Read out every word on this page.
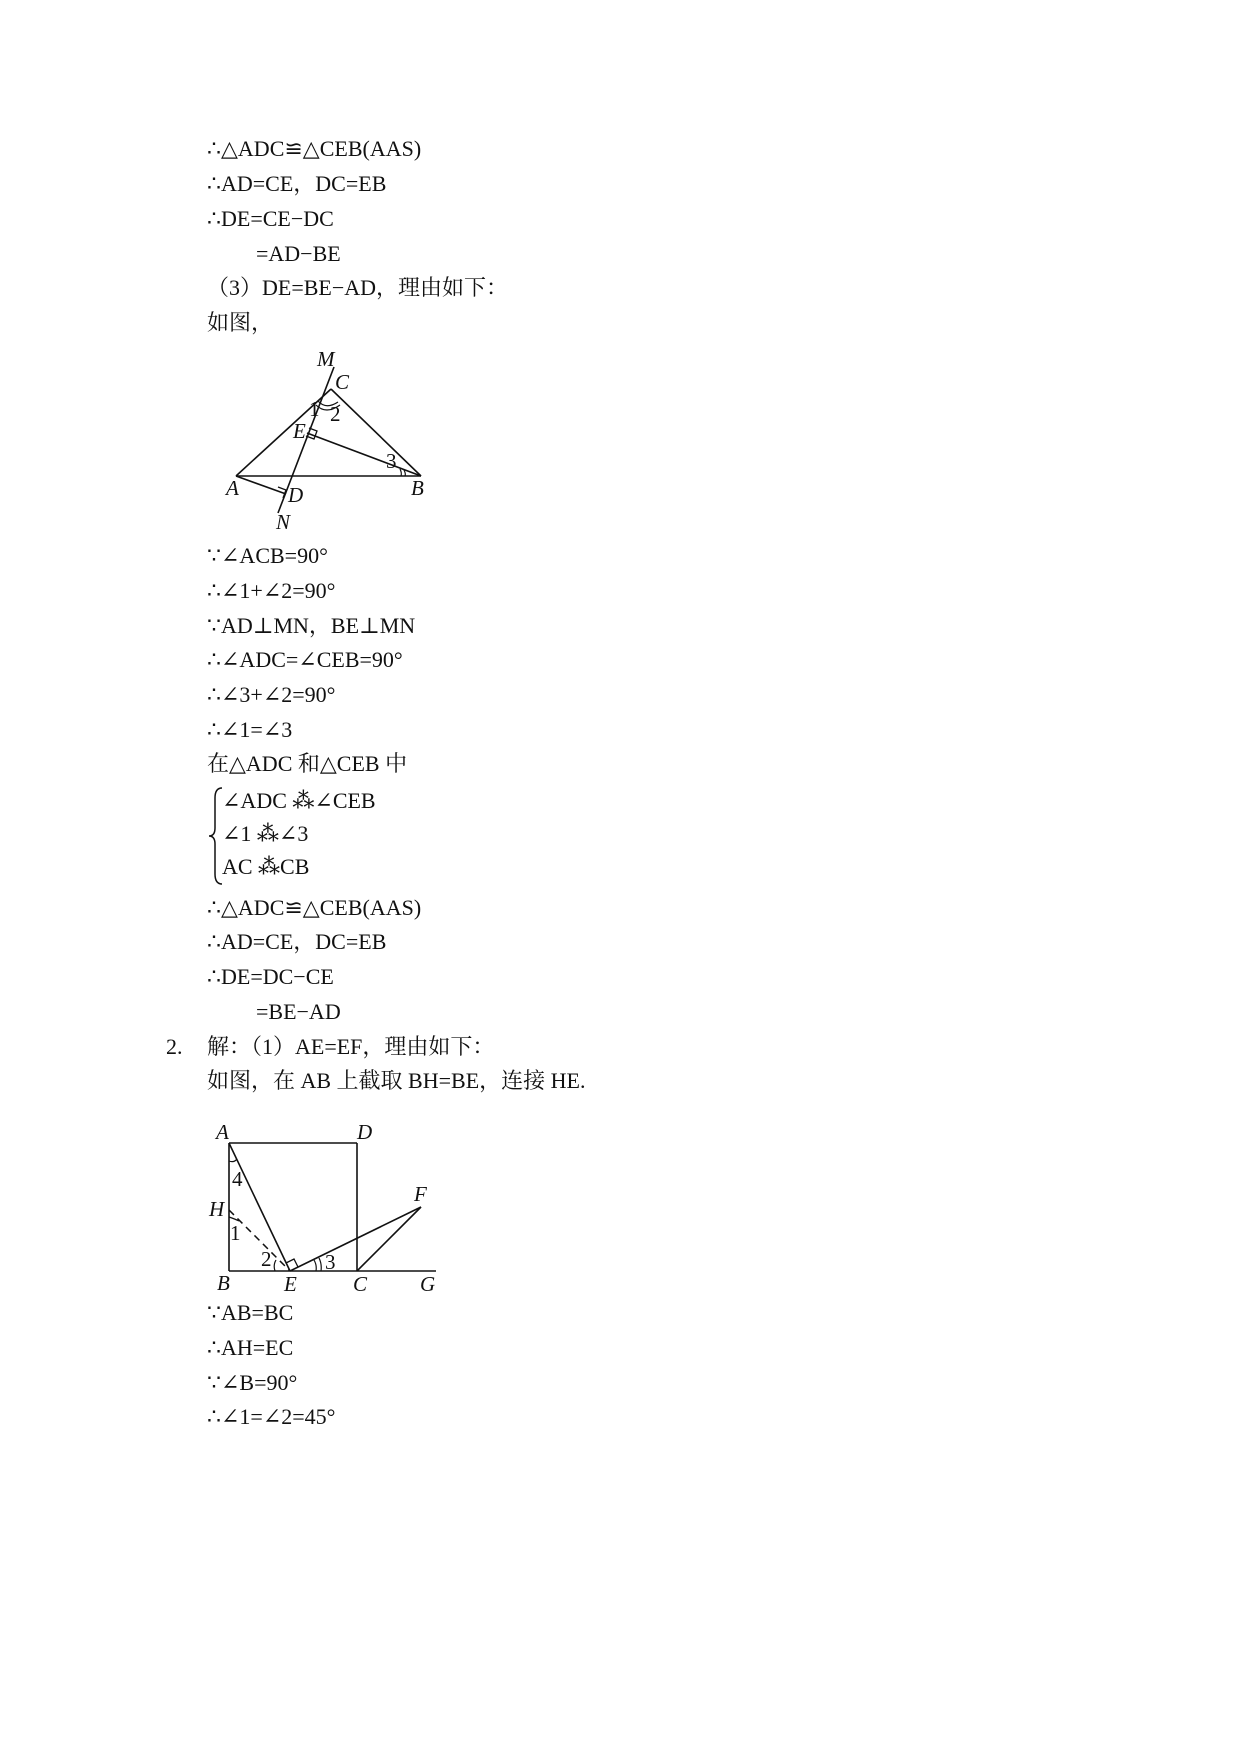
∴△ADC≌△CEB(AAS)
∴AD=CE，DC=EB
∴DE=CE−DC
=AD−BE
（3）DE=BE−AD，理由如下：
如图，
M
C
1 2
E
3
A D	B
N
∵∠ACB=90°
∴∠1+∠2=90°
∵AD⊥MN，BE⊥MN
∴∠ADC=∠CEB=90°
∴∠3+∠2=90°
∴∠1=∠3
在△ADC 和△CEB 中
∠ADC ⁂∠CEB
∠1 ⁂∠3
AC ⁂CB
∴△ADC≌△CEB(AAS)
∴AD=CE，DC=EB
∴DE=DC−CE
=BE−AD
2. 解：（1）AE=EF，理由如下：
如图，在 AB 上截取 BH=BE，连接 HE.
A	D
4
F
H
1
2	3
B	E	C	G
∵AB=BC
∴AH=EC
∵∠B=90°
∴∠1=∠2=45°
